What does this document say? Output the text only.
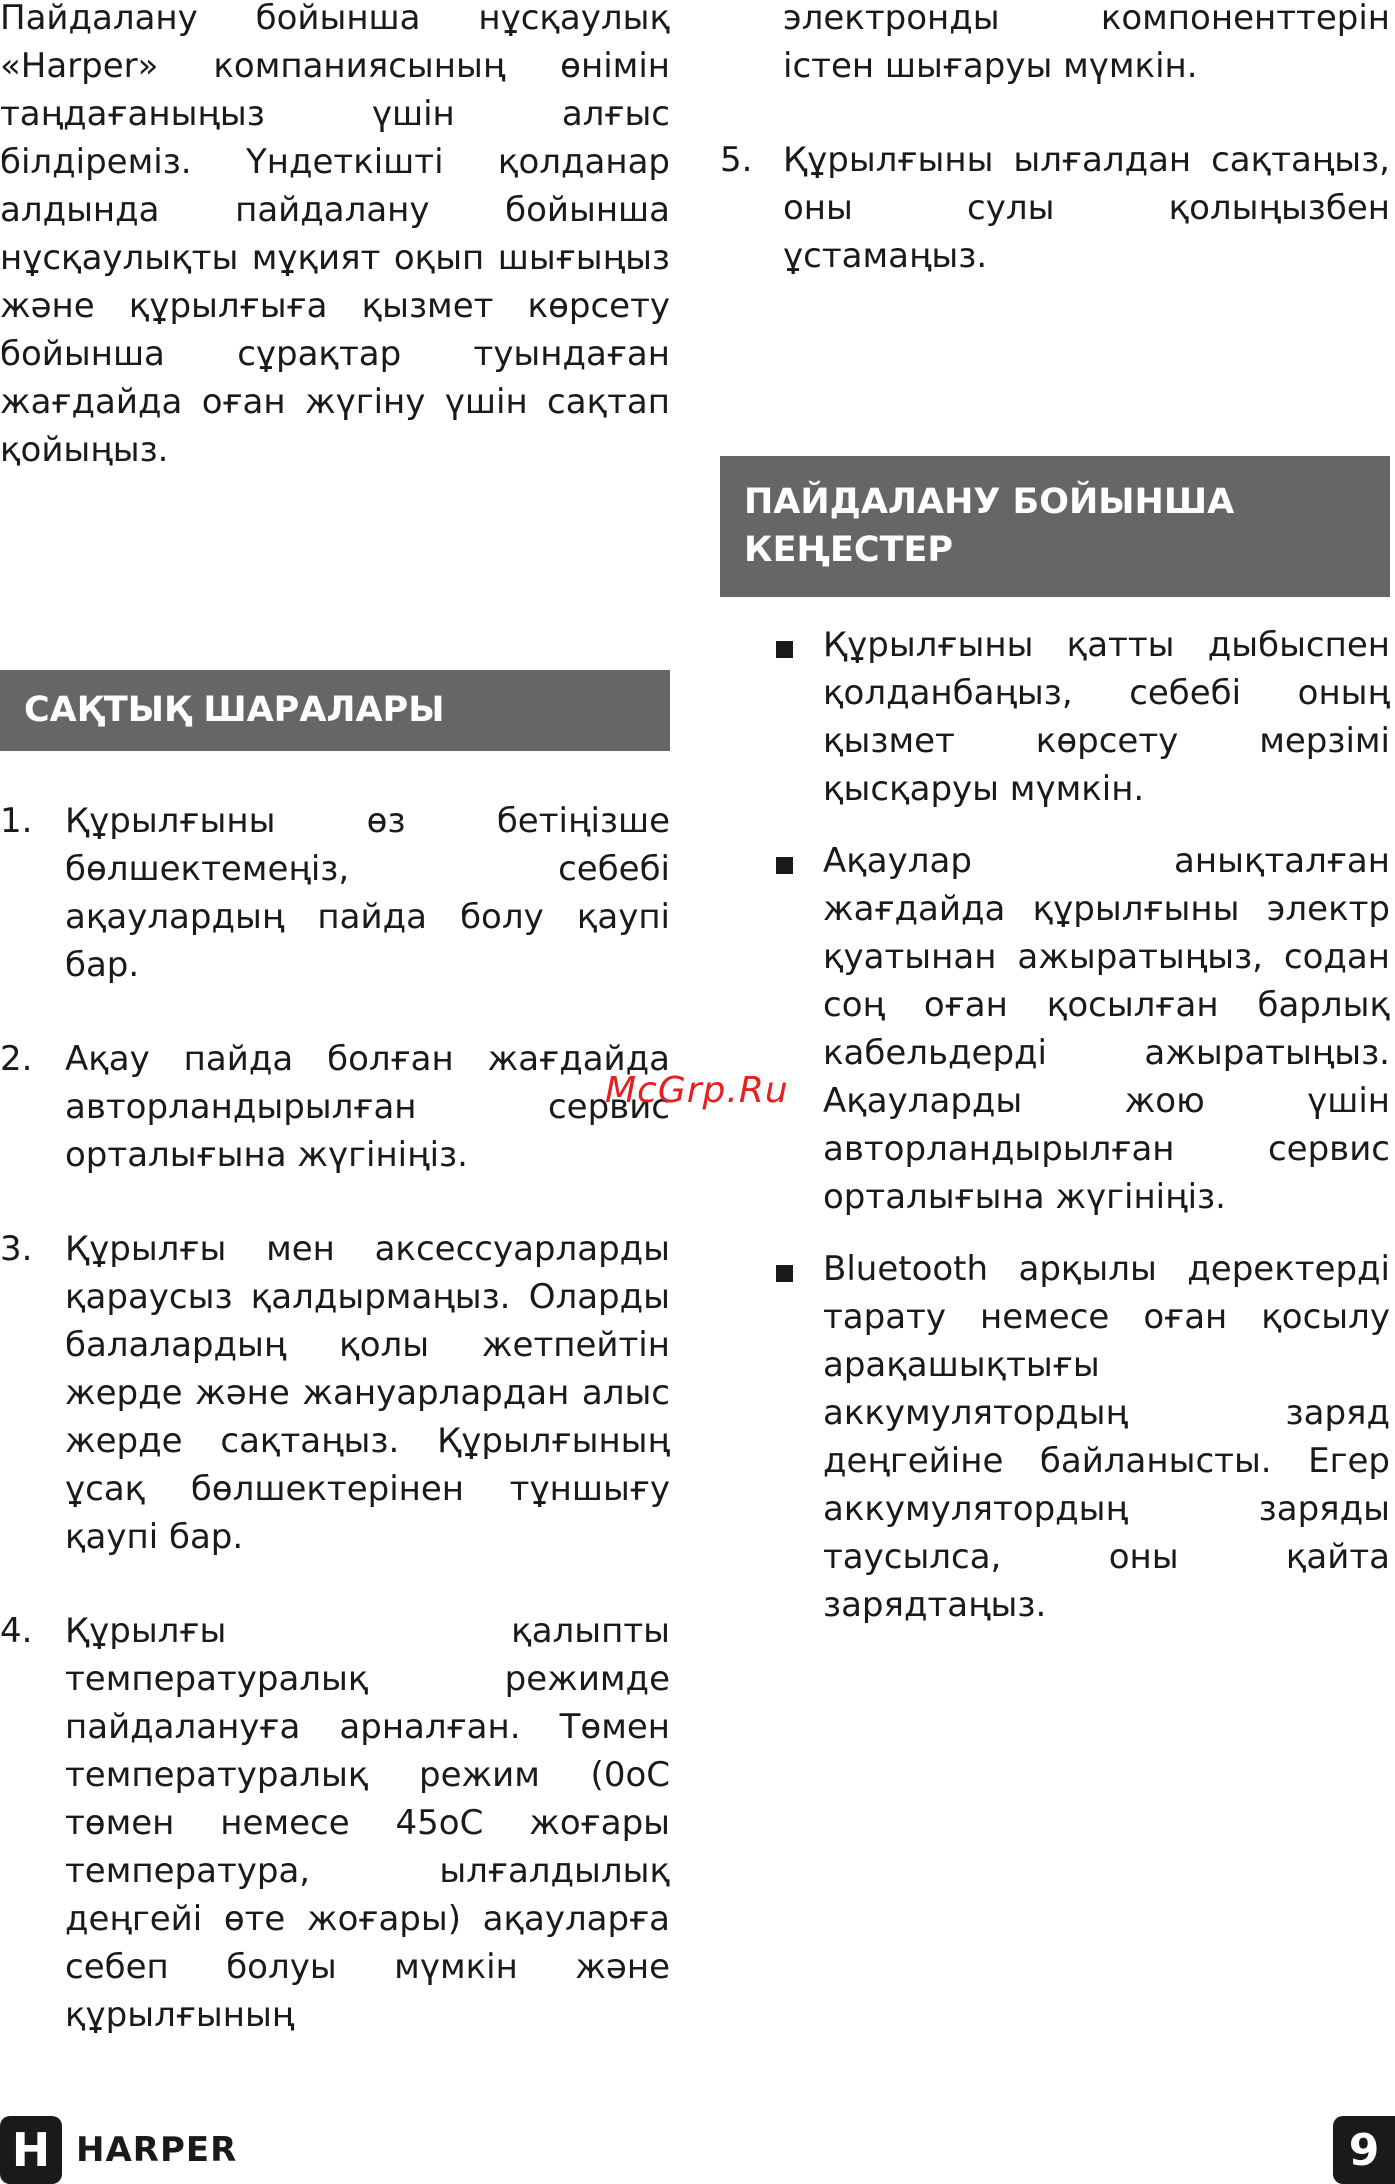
Пайдалану бойынша нұсқаулық «Harper» компаниясының өнімін таңдағаныңыз үшін алғыс білдіреміз. Үндеткішті қолданар алдында пайдалану бойынша нұсқаулықты мұқият оқып шығыңыз және құрылғыға қызмет көрсету бойынша сұрақтар туындаған жағдайда оған жүгіну үшін сақтап қойыңыз.

САҚТЫҚ ШАРАЛАРЫ
1. Құрылғыны өз бетіңізше бөлшектемеңіз, себебі ақаулардың пайда болу қаупі бар.
2. Ақау пайда болған жағдайда авторландырылған сервис орталығына жүгініңіз.
3. Құрылғы мен аксессуарларды қараусыз қалдырмаңыз. Оларды балалардың қолы жетпейтін жерде және жануарлардан алыс жерде сақтаңыз. Құрылғының ұсақ бөлшектерінен тұншығу қаупі бар.
4. Құрылғы қалыпты температуралық режимде пайдалануға арналған. Төмен температуралық режим (0оС төмен немесе 45оС жоғары температура, ылғалдылық деңгейі өте жоғары) ақауларға себеп болуы мүмкін және құрылғының

электронды компоненттерін істен шығаруы мүмкін.

5. Құрылғыны ылғалдан сақтаңыз, оны сулы қолыңызбен ұстамаңыз.
ПАЙДАЛАНУ БОЙЫНША КЕҢЕСТЕР
Құрылғыны қатты дыбыспен қолданбаңыз, себебі оның қызмет көрсету мерзімі қысқаруы мүмкін.
Ақаулар анықталған жағдайда құрылғыны электр қуатынан ажыратыңыз, содан соң оған қосылған барлық кабельдерді ажыратыңыз. Ақауларды жою үшін авторландырылған сервис орталығына жүгініңіз.
Bluetooth арқылы деректерді тарату немесе оған қосылу арақашықтығы аккумулятордың заряд деңгейіне байланысты. Егер аккумулятордың заряды таусылса, оны қайта зарядтаңыз.
McGrp.Ru
H HARPER	9
